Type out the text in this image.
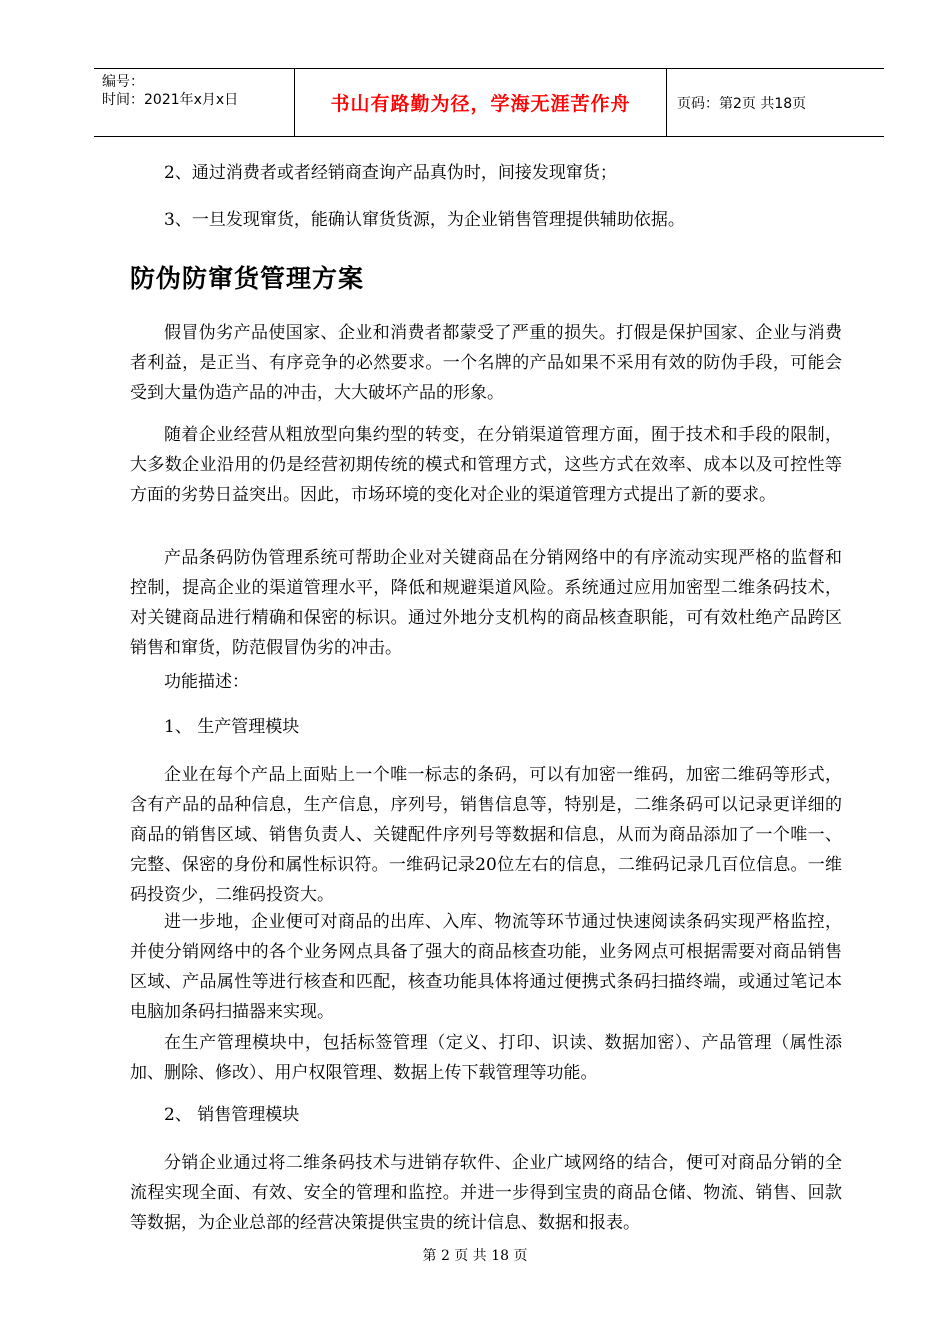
编号：
时间：2021年x月x日	书山有路勤为径，学海无涯苦作舟	页码：第2页 共18页

2、通过消费者或者经销商查询产品真伪时，间接发现窜货；

3、一旦发现窜货，能确认窜货货源，为企业销售管理提供辅助依据。

防伪防窜货管理方案

假冒伪劣产品使国家、企业和消费者都蒙受了严重的损失。打假是保护国家、企业与消费者利益，是正当、有序竞争的必然要求。一个名牌的产品如果不采用有效的防伪手段，可能会受到大量伪造产品的冲击，大大破坏产品的形象。

随着企业经营从粗放型向集约型的转变，在分销渠道管理方面，囿于技术和手段的限制，大多数企业沿用的仍是经营初期传统的模式和管理方式，这些方式在效率、成本以及可控性等方面的劣势日益突出。因此，市场环境的变化对企业的渠道管理方式提出了新的要求。

产品条码防伪管理系统可帮助企业对关键商品在分销网络中的有序流动实现严格的监督和控制，提高企业的渠道管理水平，降低和规避渠道风险。系统通过应用加密型二维条码技术，对关键商品进行精确和保密的标识。通过外地分支机构的商品核查职能，可有效杜绝产品跨区销售和窜货，防范假冒伪劣的冲击。

功能描述：

1、 生产管理模块

企业在每个产品上面贴上一个唯一标志的条码，可以有加密一维码，加密二维码等形式，含有产品的品种信息，生产信息，序列号，销售信息等，特别是，二维条码可以记录更详细的商品的销售区域、销售负责人、关键配件序列号等数据和信息，从而为商品添加了一个唯一、完整、保密的身份和属性标识符。一维码记录20位左右的信息，二维码记录几百位信息。一维码投资少，二维码投资大。

进一步地，企业便可对商品的出库、入库、物流等环节通过快速阅读条码实现严格监控，并使分销网络中的各个业务网点具备了强大的商品核查功能，业务网点可根据需要对商品销售区域、产品属性等进行核查和匹配，核查功能具体将通过便携式条码扫描终端，或通过笔记本电脑加条码扫描器来实现。

在生产管理模块中，包括标签管理（定义、打印、识读、数据加密）、产品管理（属性添加、删除、修改）、用户权限管理、数据上传下载管理等功能。

2、 销售管理模块

分销企业通过将二维条码技术与进销存软件、企业广域网络的结合，便可对商品分销的全流程实现全面、有效、安全的管理和监控。并进一步得到宝贵的商品仓储、物流、销售、回款等数据，为企业总部的经营决策提供宝贵的统计信息、数据和报表。

第 2 页 共 18 页
